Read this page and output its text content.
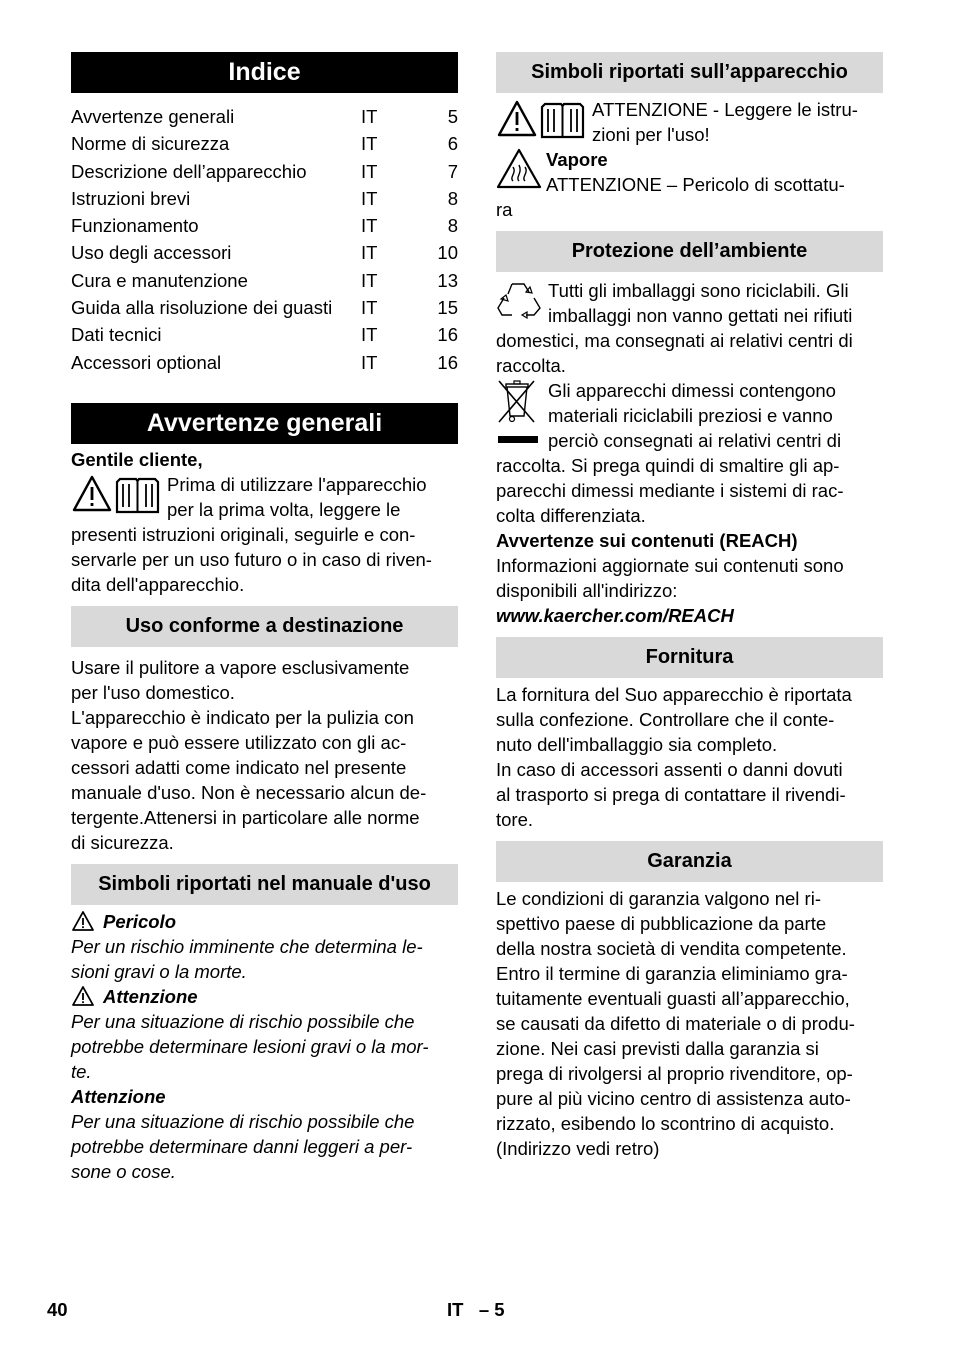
Indice
Avvertenze generali	IT	5
Norme di sicurezza	IT	6
Descrizione dell’apparecchio	IT	7
Istruzioni brevi	IT	8
Funzionamento	IT	8
Uso degli accessori	IT	10
Cura e manutenzione	IT	13
Guida alla risoluzione dei guasti	IT	15
Dati tecnici	IT	16
Accessori optional	IT	16
Avvertenze generali

Gentile cliente,

Prima di utilizzare l'apparecchio

per la prima volta, leggere le

presenti istruzioni originali, seguirle e con-

servarle per un uso futuro o in caso di riven-

dita dell'apparecchio.

Uso conforme a destinazione

Usare il pulitore a vapore esclusivamente

per l'uso domestico.

L'apparecchio è indicato per la pulizia con

vapore e può essere utilizzato con gli ac-

cessori adatti come indicato nel presente

manuale d'uso. Non è necessario alcun de-

tergente.Attenersi in particolare alle norme

di sicurezza.

Simboli riportati nel manuale d'uso

Pericolo

Per un rischio imminente che determina le-

sioni gravi o la morte.

Attenzione

Per una situazione di rischio possibile che

potrebbe determinare lesioni gravi o la mor-

te.

Attenzione

Per una situazione di rischio possibile che

potrebbe determinare danni leggeri a per-

sone o cose.

Simboli riportati sull’apparecchio

ATTENZIONE - Leggere le istru-

zioni per l'uso!

Vapore

ATTENZIONE – Pericolo di scottatu-

ra

Protezione dell’ambiente

Tutti gli imballaggi sono riciclabili. Gli

imballaggi non vanno gettati nei rifiuti

domestici, ma consegnati ai relativi centri di

raccolta.

Gli apparecchi dimessi contengono

materiali riciclabili preziosi e vanno

perciò consegnati ai relativi centri di

raccolta. Si prega quindi di smaltire gli ap-

parecchi dimessi mediante i sistemi di rac-

colta differenziata.

Avvertenze sui contenuti (REACH)

Informazioni aggiornate sui contenuti sono

disponibili all'indirizzo:

www.kaercher.com/REACH

Fornitura

La fornitura del Suo apparecchio è riportata

sulla confezione. Controllare che il conte-

nuto dell'imballaggio sia completo.

In caso di accessori assenti o danni dovuti

al trasporto si prega di contattare il rivendi-

tore.

Garanzia

Le condizioni di garanzia valgono nel ri-

spettivo paese di pubblicazione da parte

della nostra società di vendita competente.

Entro il termine di garanzia eliminiamo gra-

tuitamente eventuali guasti all’apparecchio,

se causati da difetto di materiale o di produ-

zione. Nei casi previsti dalla garanzia si

prega di rivolgersi al proprio rivenditore, op-

pure al più vicino centro di assistenza auto-

rizzato, esibendo lo scontrino di acquisto.

(Indirizzo vedi retro)

40	IT   – 5
